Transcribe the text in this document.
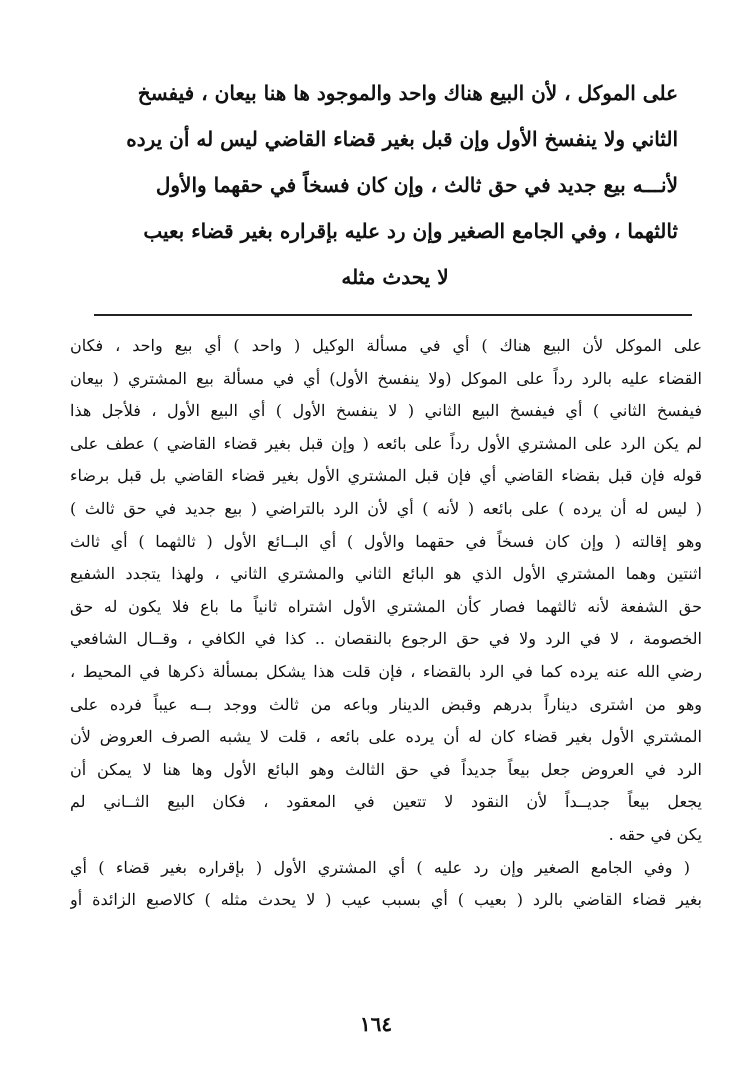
على الموكل ، لأن البيع هناك واحد والموجود ها هنا بيعان ، فيفسخ
الثاني ولا ينفسخ الأول وإن قبل بغير قضاء القاضي ليس له أن يرده
لأنـــه بيع جديد في حق ثالث ، وإن كان فسخاً في حقهما والأول
ثالثهما ، وفي الجامع الصغير وإن رد عليه بإقراره بغير قضاء بعيب
لا يحدث مثله
على الموكل لأن البيع هناك ) أي في مسألة الوكيل ( واحد ) أي بيع واحد ، فكان
القضاء عليه بالرد رداً على الموكل (ولا ينفسخ الأول) أي في مسألة بيع المشتري ( بيعان
فيفسخ الثاني ) أي فيفسخ البيع الثاني ( لا ينفسخ الأول ) أي البيع الأول ، فلأجل هذا
لم يكن الرد على المشتري الأول رداً على بائعه ( وإن قبل بغير قضاء القاضي ) عطف على
قوله فإن قبل بقضاء القاضي أي فإن قبل المشتري الأول بغير قضاء القاضي بل قبل برضاء
( ليس له أن يرده ) على بائعه ( لأنه ) أي لأن الرد بالتراضي ( بيع جديد في حق ثالث )
وهو إقالته ( وإن كان فسخاً في حقهما والأول ) أي البــائع الأول ( ثالثهما ) أي ثالث
اثنتين وهما المشتري الأول الذي هو البائع الثاني والمشتري الثاني ، ولهذا يتجدد الشفيع
حق الشفعة لأنه ثالثهما فصار كأن المشتري الأول اشتراه ثانياً ما باع فلا يكون له حق
الخصومة ، لا في الرد ولا في حق الرجوع بالنقصان .. كذا في الكافي ، وقــال الشافعي
رضي الله عنه يرده كما في الرد بالقضاء ، فإن قلت هذا يشكل بمسألة ذكرها في المحيط ،
وهو من اشترى ديناراً بدرهم وقبض الدينار وباعه من ثالث ووجد بــه عيباً فرده على
المشتري الأول بغير قضاء كان له أن يرده على بائعه ، قلت لا يشبه الصرف العروض لأن
الرد في العروض جعل بيعاً جديداً في حق الثالث وهو البائع الأول وها هنا لا يمكن أن
يجعل بيعاً جديــداً لأن النقود لا تتعين في المعقود ، فكان البيع الثــاني لم
يكن في حقه .
( وفي الجامع الصغير وإن رد عليه ) أي المشتري الأول ( بإقراره بغير قضاء ) أي
بغير قضاء القاضي بالرد ( بعيب ) أي بسبب عيب ( لا يحدث مثله ) كالاصبع الزائدة أو
١٦٤
